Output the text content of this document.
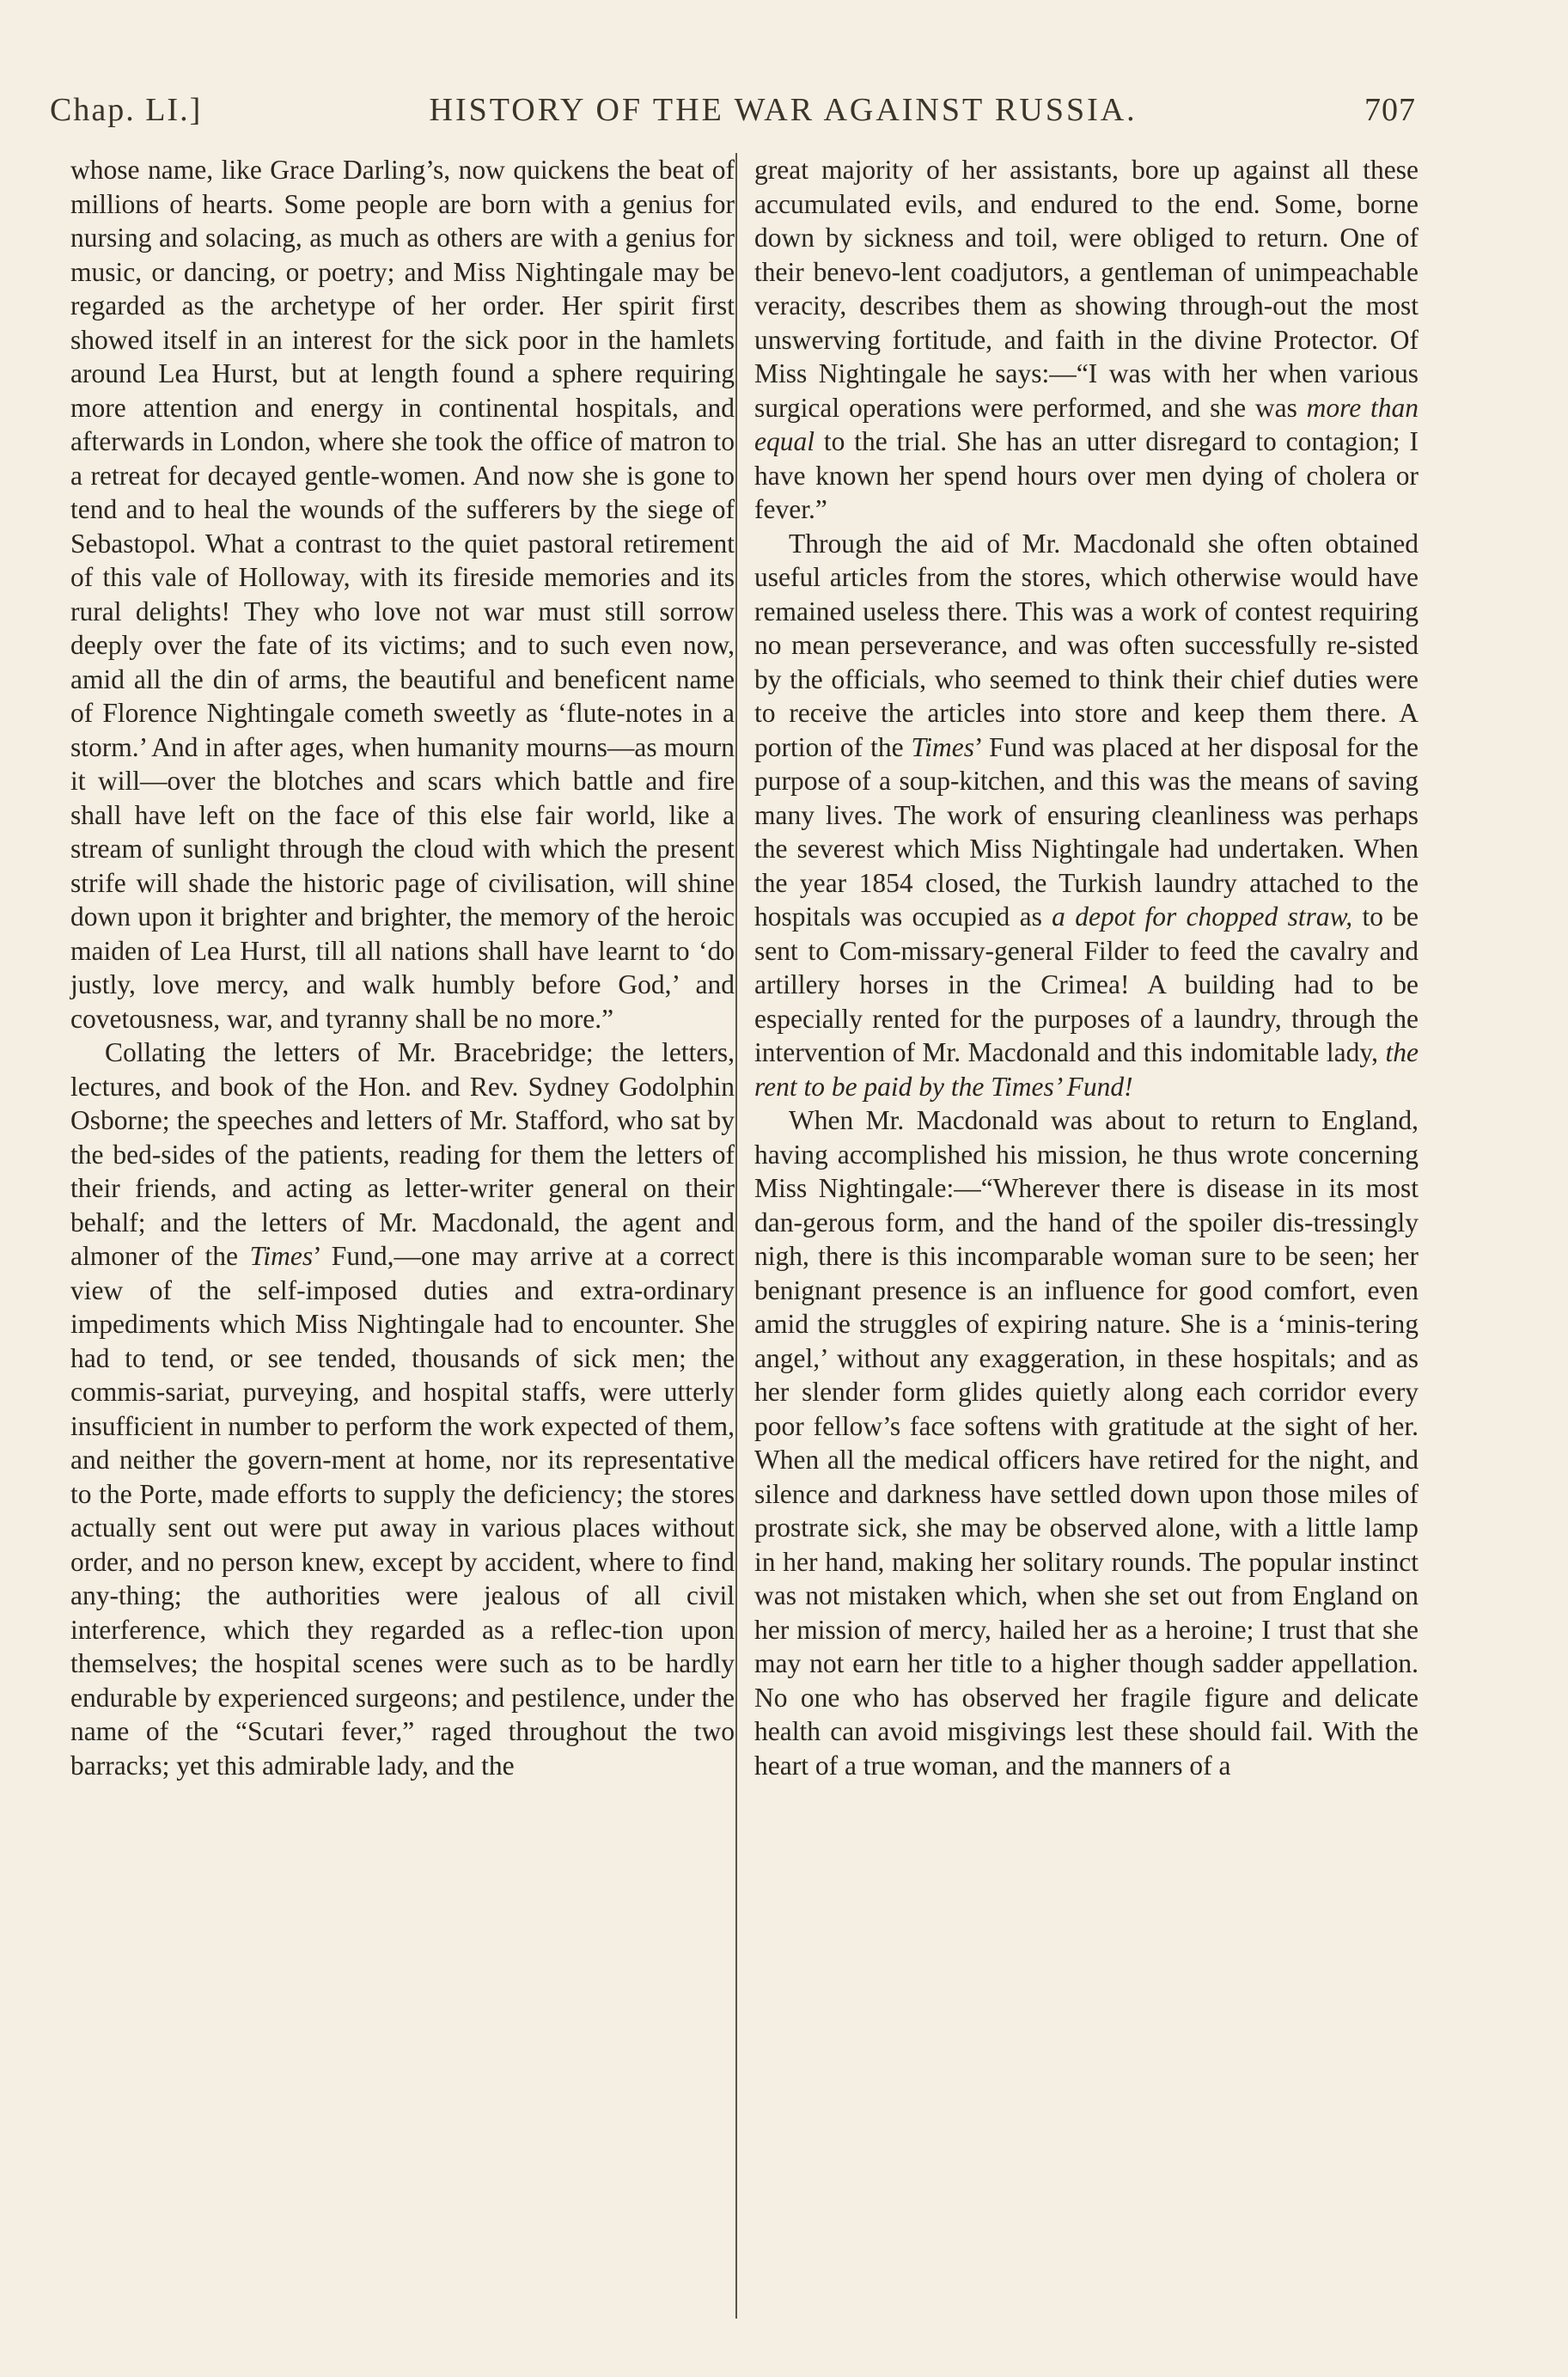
Chap. LI.]	HISTORY OF THE WAR AGAINST RUSSIA.	707

whose name, like Grace Darling’s, now quickens the beat of millions of hearts. Some people are born with a genius for nursing and solacing, as much as others are with a genius for music, or dancing, or poetry; and Miss Nightingale may be regarded as the archetype of her order. Her spirit first showed itself in an interest for the sick poor in the hamlets around Lea Hurst, but at length found a sphere requiring more attention and energy in continental hospitals, and afterwards in London, where she took the office of matron to a retreat for decayed gentle-women. And now she is gone to tend and to heal the wounds of the sufferers by the siege of Sebastopol. What a contrast to the quiet pastoral retirement of this vale of Holloway, with its fireside memories and its rural delights! They who love not war must still sorrow deeply over the fate of its victims; and to such even now, amid all the din of arms, the beautiful and beneficent name of Florence Nightingale cometh sweetly as ‘flute-notes in a storm.’ And in after ages, when humanity mourns—as mourn it will—over the blotches and scars which battle and fire shall have left on the face of this else fair world, like a stream of sunlight through the cloud with which the present strife will shade the historic page of civilisation, will shine down upon it brighter and brighter, the memory of the heroic maiden of Lea Hurst, till all nations shall have learnt to ‘do justly, love mercy, and walk humbly before God,’ and covetousness, war, and tyranny shall be no more.”

Collating the letters of Mr. Bracebridge; the letters, lectures, and book of the Hon. and Rev. Sydney Godolphin Osborne; the speeches and letters of Mr. Stafford, who sat by the bed-sides of the patients, reading for them the letters of their friends, and acting as letter-writer general on their behalf; and the letters of Mr. Macdonald, the agent and almoner of the Times’ Fund,—one may arrive at a correct view of the self-imposed duties and extra-ordinary impediments which Miss Nightingale had to encounter. She had to tend, or see tended, thousands of sick men; the commis-sariat, purveying, and hospital staffs, were utterly insufficient in number to perform the work expected of them, and neither the govern-ment at home, nor its representative to the Porte, made efforts to supply the deficiency; the stores actually sent out were put away in various places without order, and no person knew, except by accident, where to find any-thing; the authorities were jealous of all civil interference, which they regarded as a reflec-tion upon themselves; the hospital scenes were such as to be hardly endurable by experienced surgeons; and pestilence, under the name of the “Scutari fever,” raged throughout the two barracks; yet this admirable lady, and the

great majority of her assistants, bore up against all these accumulated evils, and endured to the end. Some, borne down by sickness and toil, were obliged to return. One of their benevo-lent coadjutors, a gentleman of unimpeachable veracity, describes them as showing through-out the most unswerving fortitude, and faith in the divine Protector. Of Miss Nightingale he says:—“I was with her when various surgical operations were performed, and she was more than equal to the trial. She has an utter disregard to contagion; I have known her spend hours over men dying of cholera or fever.”

Through the aid of Mr. Macdonald she often obtained useful articles from the stores, which otherwise would have remained useless there. This was a work of contest requiring no mean perseverance, and was often successfully re-sisted by the officials, who seemed to think their chief duties were to receive the articles into store and keep them there. A portion of the Times’ Fund was placed at her disposal for the purpose of a soup-kitchen, and this was the means of saving many lives. The work of ensuring cleanliness was perhaps the severest which Miss Nightingale had undertaken. When the year 1854 closed, the Turkish laundry attached to the hospitals was occupied as a depot for chopped straw, to be sent to Com-missary-general Filder to feed the cavalry and artillery horses in the Crimea! A building had to be especially rented for the purposes of a laundry, through the intervention of Mr. Macdonald and this indomitable lady, the rent to be paid by the Times’ Fund!

When Mr. Macdonald was about to return to England, having accomplished his mission, he thus wrote concerning Miss Nightingale:—“Wherever there is disease in its most dan-gerous form, and the hand of the spoiler dis-tressingly nigh, there is this incomparable woman sure to be seen; her benignant presence is an influence for good comfort, even amid the struggles of expiring nature. She is a ‘minis-tering angel,’ without any exaggeration, in these hospitals; and as her slender form glides quietly along each corridor every poor fellow’s face softens with gratitude at the sight of her. When all the medical officers have retired for the night, and silence and darkness have settled down upon those miles of prostrate sick, she may be observed alone, with a little lamp in her hand, making her solitary rounds. The popular instinct was not mistaken which, when she set out from England on her mission of mercy, hailed her as a heroine; I trust that she may not earn her title to a higher though sadder appellation. No one who has observed her fragile figure and delicate health can avoid misgivings lest these should fail. With the heart of a true woman, and the manners of a
